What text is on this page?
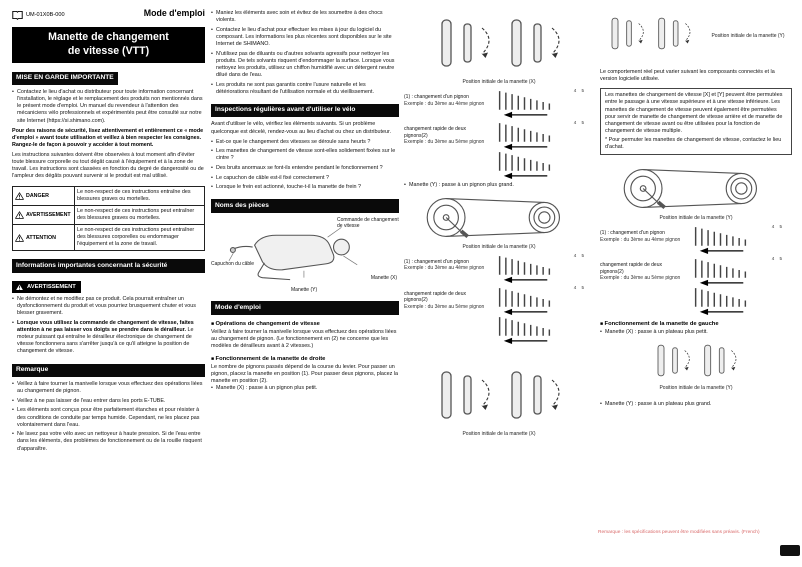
UM-01X0B-000	Mode d'emploi
Manette de changement
de vitesse (VTT)
MISE EN GARDE IMPORTANTE
• Contactez le lieu d'achat ou distributeur pour toute information concernant l'installation, le réglage et le remplacement des produits non mentionnés dans le présent mode d'emploi. Un manuel du revendeur à l'attention des mécaniciens vélo professionnels et expérimentés peut être consulté sur notre site Internet (https://si.shimano.com).
Pour des raisons de sécurité, lisez attentivement et entièrement ce « mode d'emploi » avant toute utilisation et veillez à bien respecter les consignes. Rangez-le de façon à pouvoir y accéder à tout moment.
Les instructions suivantes doivent être observées à tout moment afin d'éviter toute blessure corporelle ou tout dégât causé à l'équipement et à la zone de travail. Les instructions sont classées en fonction du degré de dangerosité ou de l'ampleur des dégâts pouvant survenir si le produit est mal utilisé.
DANGER	Le non-respect de ces instructions entraîne des blessures graves ou mortelles.

AVERTISSEMENT	Le non-respect de ces instructions peut entraîner des blessures graves ou mortelles.

ATTENTION	Le non-respect de ces instructions peut entraîner des blessures corporelles ou endommager l'équipement et la zone de travail.
Informations importantes concernant la sécurité
AVERTISSEMENT
• Ne démontez et ne modifiez pas ce produit. Cela pourrait entraîner un dysfonctionnement du produit et vous pourriez brusquement chuter et vous blesser gravement.
• Lorsque vous utilisez la commande de changement de vitesse, faites attention à ne pas laisser vos doigts se prendre dans le dérailleur. Le moteur puissant qui entraîne le dérailleur électronique de changement de vitesse fonctionnera sans s'arrêter jusqu'à ce qu'il atteigne la position de changement de vitesse.
Remarque
• Veillez à faire tourner la manivelle lorsque vous effectuez des opérations liées au changement de pignon.
• Veillez à ne pas laisser de l'eau entrer dans les ports E-TUBE.
• Les éléments sont conçus pour être parfaitement étanches et pour résister à des conditions de conduite par temps humide. Cependant, ne les placez pas volontairement dans l'eau.
• Ne lavez pas votre vélo avec un nettoyeur à haute pression. Si de l'eau entre dans les éléments, des problèmes de fonctionnement ou de la rouille risquent d'apparaître.
• Maniez les éléments avec soin et évitez de les soumettre à des chocs violents.
• Contactez le lieu d'achat pour effectuer les mises à jour du logiciel du composant. Les informations les plus récentes sont disponibles sur le site Internet de SHIMANO.
• N'utilisez pas de diluants ou d'autres solvants agressifs pour nettoyer les produits. De tels solvants risquent d'endommager la surface. Lorsque vous nettoyez les produits, utilisez un chiffon humidifié avec un détergent neutre dilué dans de l'eau.
• Les produits ne sont pas garantis contre l'usure naturelle et les détériorations résultant de l'utilisation normale et du vieillissement.
Inspections régulières avant d'utiliser le vélo
Avant d'utiliser le vélo, vérifiez les éléments suivants. Si un problème quelconque est décelé, rendez-vous au lieu d'achat ou chez un distributeur.
• Est-ce que le changement des vitesses se déroule sans heurts ?
• Les manettes de changement de vitesse sont-elles solidement fixées sur le cintre ?
• Des bruits anormaux se font-ils entendre pendant le fonctionnement ?
• Le capuchon de câble est-il fixé correctement ?
• Lorsque le frein est actionné, touche-t-il la manette de frein ?
Noms des pièces
Commande de changement de vitesse
Capuchon du câble
Manette (Y)
Manette (X)
Mode d'emploi
■ Opérations de changement de vitesse
Veillez à faire tourner la manivelle lorsque vous effectuez des opérations liées au changement de pignon. (Le fonctionnement en (2) ne concerne que les modèles de dérailleurs avant à 2 vitesses.)
■ Fonctionnement de la manette de droite
Le nombre de pignons passés dépend de la course du levier. Pour passer un pignon, placez la manette en position (1). Pour passer deux pignons, placez la manette en position (2).
• Manette (X) : passe à un pignon plus petit.
Position initiale de la manette (X)
(1) : changement d'un pignon
Exemple : du 3ème au 4ème pignon
4 5
changement rapide de deux pignons(2)
Exemple : du 3ème au 5ème pignon
4 5
• Manette (Y) : passe à un pignon plus grand.
Position initiale de la manette (X)
(1) : changement d'un pignon
Exemple : du 3ème au 4ème pignon
4 5
changement rapide de deux pignons(2)
Exemple : du 3ème au 5ème pignon
4 5
Position initiale de la manette (X)
Position initiale de la manette (Y)
Le comportement réel peut varier suivant les composants connectés et la version logicielle utilisée.
Les manettes de changement de vitesse [X] et [Y] peuvent être permutées entre le passage à une vitesse supérieure et à une vitesse inférieure. Les manettes de changement de vitesse peuvent également être permutées pour servir de manette de changement de vitesse arrière et de manette de changement de vitesse avant ou être utilisées pour la fonction de changement de vitesse multiple.
* Pour permuter les manettes de changement de vitesse, contactez le lieu d'achat.
Position initiale de la manette (Y)
(1) : changement d'un pignon
Exemple : du 3ème au 4ème pignon
4 5
changement rapide de deux pignons(2)
Exemple : du 3ème au 5ème pignon
4 5
■ Fonctionnement de la manette de gauche
• Manette (X) : passe à un plateau plus petit.
Position initiale de la manette (Y)
• Manette (Y) : passe à un plateau plus grand.
Remarque : les spécifications peuvent être modifiées sans préavis. (French)
